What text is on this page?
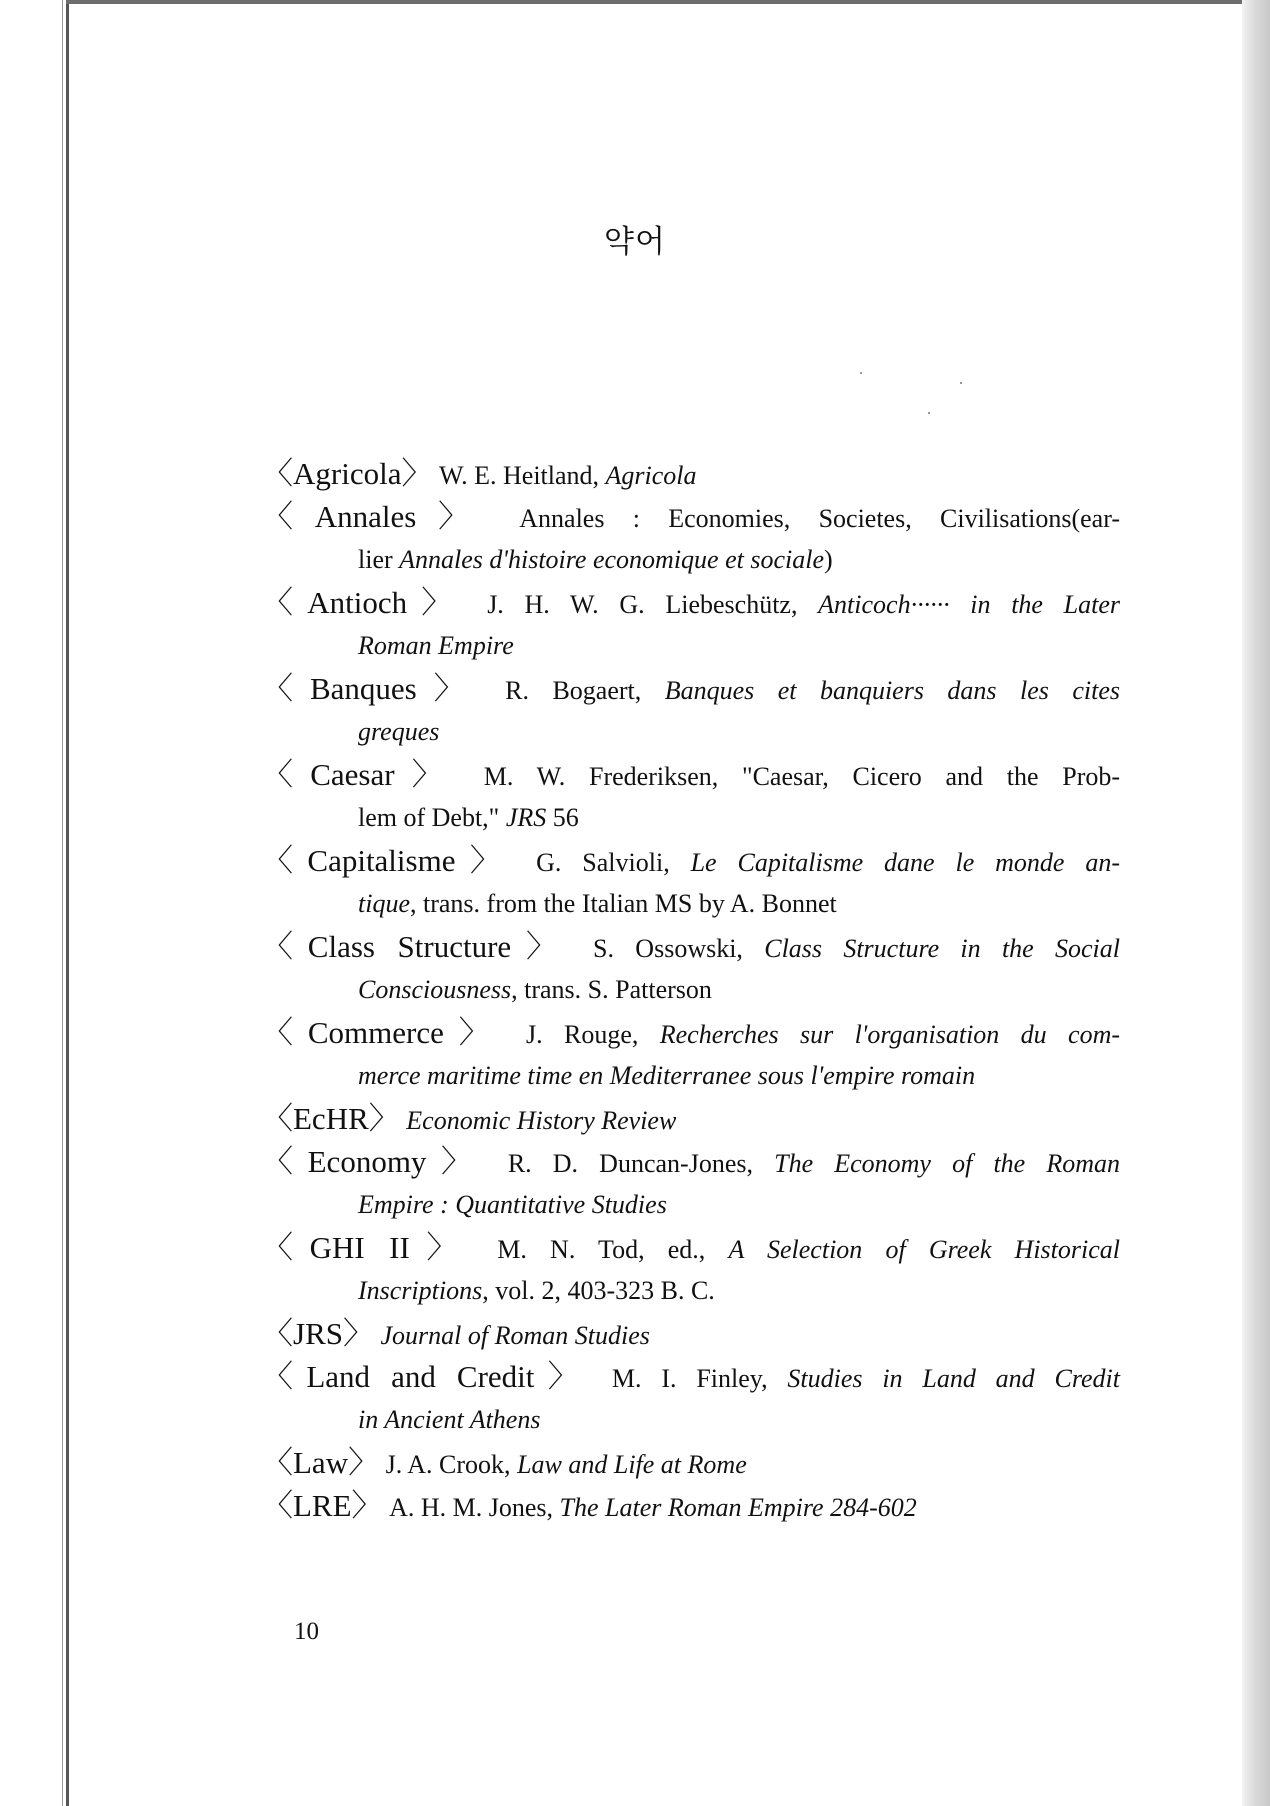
약어
〈Agricola〉 W. E. Heitland, Agricola
〈Annales〉 Annales : Economies, Societes, Civilisations(ear-
lier Annales d'histoire economique et sociale)
〈Antioch〉 J. H. W. G. Liebeschütz, Anticoch······ in the Later
Roman Empire
〈Banques〉 R. Bogaert, Banques et banquiers dans les cites
greques
〈Caesar〉 M. W. Frederiksen, "Caesar, Cicero and the Prob-
lem of Debt," JRS 56
〈Capitalisme〉 G. Salvioli, Le Capitalisme dane le monde an-
tique, trans. from the Italian MS by A. Bonnet
〈Class Structure〉 S. Ossowski, Class Structure in the Social
Consciousness, trans. S. Patterson
〈Commerce〉 J. Rouge, Recherches sur l'organisation du com-
merce maritime time en Mediterranee sous l'empire romain
〈EcHR〉 Economic History Review
〈Economy〉 R. D. Duncan-Jones, The Economy of the Roman
Empire : Quantitative Studies
〈GHI II〉 M. N. Tod, ed., A Selection of Greek Historical
Inscriptions, vol. 2, 403-323 B. C.
〈JRS〉 Journal of Roman Studies
〈Land and Credit〉 M. I. Finley, Studies in Land and Credit
in Ancient Athens
〈Law〉 J. A. Crook, Law and Life at Rome
〈LRE〉 A. H. M. Jones, The Later Roman Empire 284-602
10
